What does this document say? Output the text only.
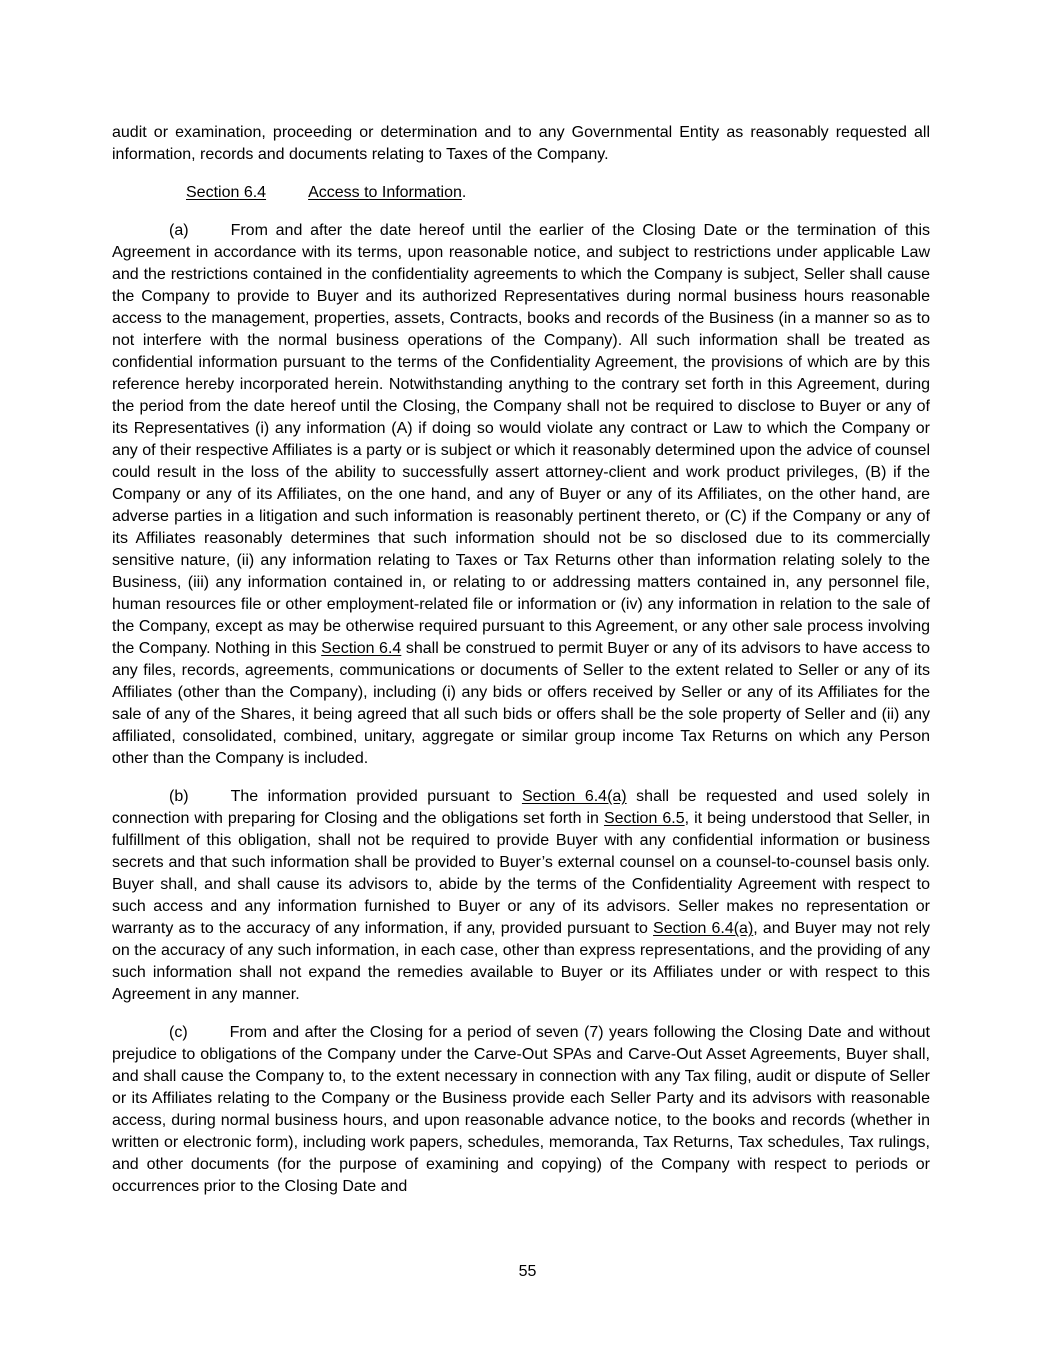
audit or examination, proceeding or determination and to any Governmental Entity as reasonably requested all information, records and documents relating to Taxes of the Company.

Section 6.4	Access to Information.

(a)	From and after the date hereof until the earlier of the Closing Date or the termination of this Agreement in accordance with its terms, upon reasonable notice, and subject to restrictions under applicable Law and the restrictions contained in the confidentiality agreements to which the Company is subject, Seller shall cause the Company to provide to Buyer and its authorized Representatives during normal business hours reasonable access to the management, properties, assets, Contracts, books and records of the Business (in a manner so as to not interfere with the normal business operations of the Company). All such information shall be treated as confidential information pursuant to the terms of the Confidentiality Agreement, the provisions of which are by this reference hereby incorporated herein. Notwithstanding anything to the contrary set forth in this Agreement, during the period from the date hereof until the Closing, the Company shall not be required to disclose to Buyer or any of its Representatives (i) any information (A) if doing so would violate any contract or Law to which the Company or any of their respective Affiliates is a party or is subject or which it reasonably determined upon the advice of counsel could result in the loss of the ability to successfully assert attorney-client and work product privileges, (B) if the Company or any of its Affiliates, on the one hand, and any of Buyer or any of its Affiliates, on the other hand, are adverse parties in a litigation and such information is reasonably pertinent thereto, or (C) if the Company or any of its Affiliates reasonably determines that such information should not be so disclosed due to its commercially sensitive nature, (ii) any information relating to Taxes or Tax Returns other than information relating solely to the Business, (iii) any information contained in, or relating to or addressing matters contained in, any personnel file, human resources file or other employment-related file or information or (iv) any information in relation to the sale of the Company, except as may be otherwise required pursuant to this Agreement, or any other sale process involving the Company. Nothing in this Section 6.4 shall be construed to permit Buyer or any of its advisors to have access to any files, records, agreements, communications or documents of Seller to the extent related to Seller or any of its Affiliates (other than the Company), including (i) any bids or offers received by Seller or any of its Affiliates for the sale of any of the Shares, it being agreed that all such bids or offers shall be the sole property of Seller and (ii) any affiliated, consolidated, combined, unitary, aggregate or similar group income Tax Returns on which any Person other than the Company is included.

(b)	The information provided pursuant to Section 6.4(a) shall be requested and used solely in connection with preparing for Closing and the obligations set forth in Section 6.5, it being understood that Seller, in fulfillment of this obligation, shall not be required to provide Buyer with any confidential information or business secrets and that such information shall be provided to Buyer’s external counsel on a counsel-to-counsel basis only. Buyer shall, and shall cause its advisors to, abide by the terms of the Confidentiality Agreement with respect to such access and any information furnished to Buyer or any of its advisors. Seller makes no representation or warranty as to the accuracy of any information, if any, provided pursuant to Section 6.4(a), and Buyer may not rely on the accuracy of any such information, in each case, other than express representations, and the providing of any such information shall not expand the remedies available to Buyer or its Affiliates under or with respect to this Agreement in any manner.

(c)	From and after the Closing for a period of seven (7) years following the Closing Date and without prejudice to obligations of the Company under the Carve-Out SPAs and Carve-Out Asset Agreements, Buyer shall, and shall cause the Company to, to the extent necessary in connection with any Tax filing, audit or dispute of Seller or its Affiliates relating to the Company or the Business provide each Seller Party and its advisors with reasonable access, during normal business hours, and upon reasonable advance notice, to the books and records (whether in written or electronic form), including work papers, schedules, memoranda, Tax Returns, Tax schedules, Tax rulings, and other documents (for the purpose of examining and copying) of the Company with respect to periods or occurrences prior to the Closing Date and

55
